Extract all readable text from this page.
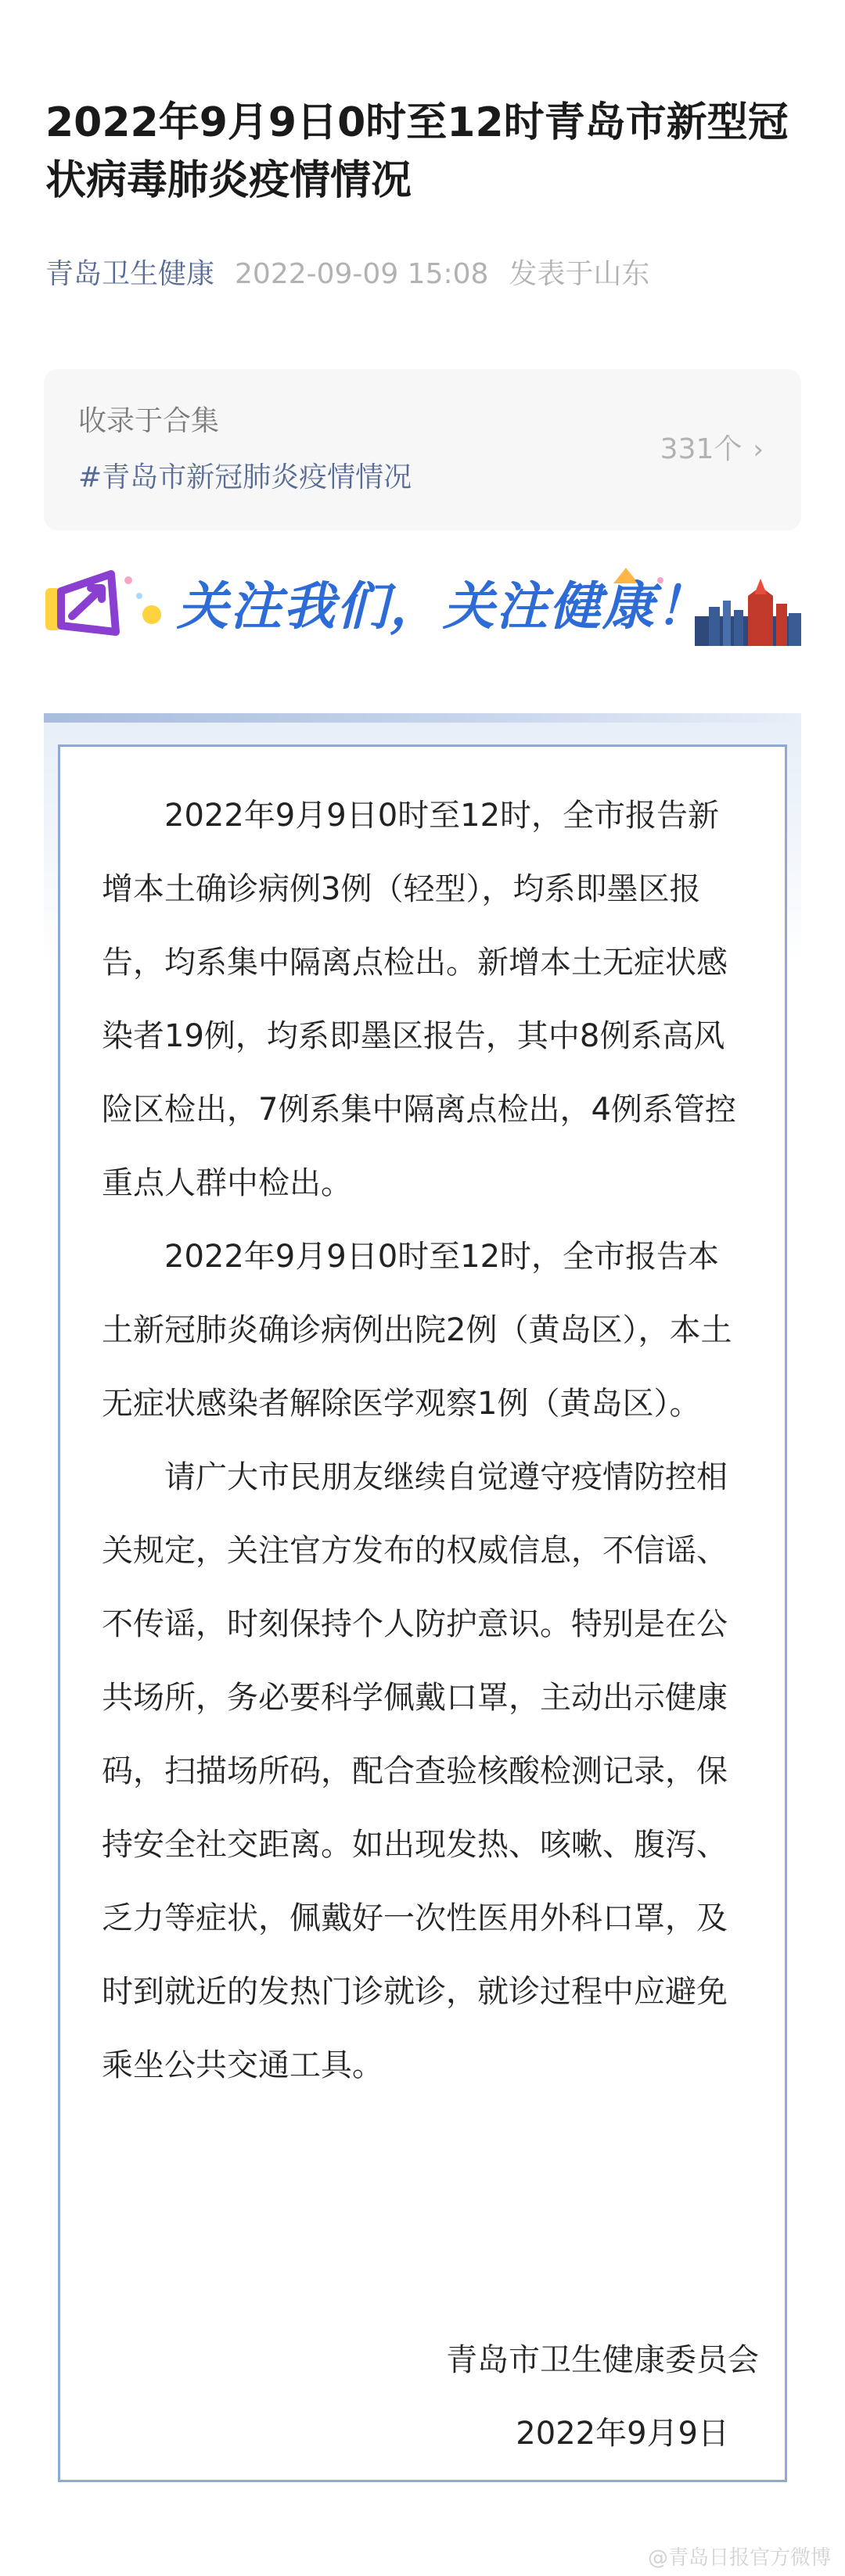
2022年9月9日0时至12时青岛市新型冠状病毒肺炎疫情情况
青岛卫生健康 2022-09-09 15:08 发表于山东
收录于合集
#青岛市新冠肺炎疫情情况
331个 ›
关注我们，关注健康！

2022年9月9日0时至12时，全市报告新增本土确诊病例3例（轻型），均系即墨区报告，均系集中隔离点检出。新增本土无症状感染者19例，均系即墨区报告，其中8例系高风险区检出，7例系集中隔离点检出，4例系管控重点人群中检出。

2022年9月9日0时至12时，全市报告本土新冠肺炎确诊病例出院2例（黄岛区），本土无症状感染者解除医学观察1例（黄岛区）。

请广大市民朋友继续自觉遵守疫情防控相关规定，关注官方发布的权威信息，不信谣、不传谣，时刻保持个人防护意识。特别是在公共场所，务必要科学佩戴口罩，主动出示健康码，扫描场所码，配合查验核酸检测记录，保持安全社交距离。如出现发热、咳嗽、腹泻、乏力等症状，佩戴好一次性医用外科口罩，及时到就近的发热门诊就诊，就诊过程中应避免乘坐公共交通工具。

青岛市卫生健康委员会
2022年9月9日
@青岛日报官方微博
